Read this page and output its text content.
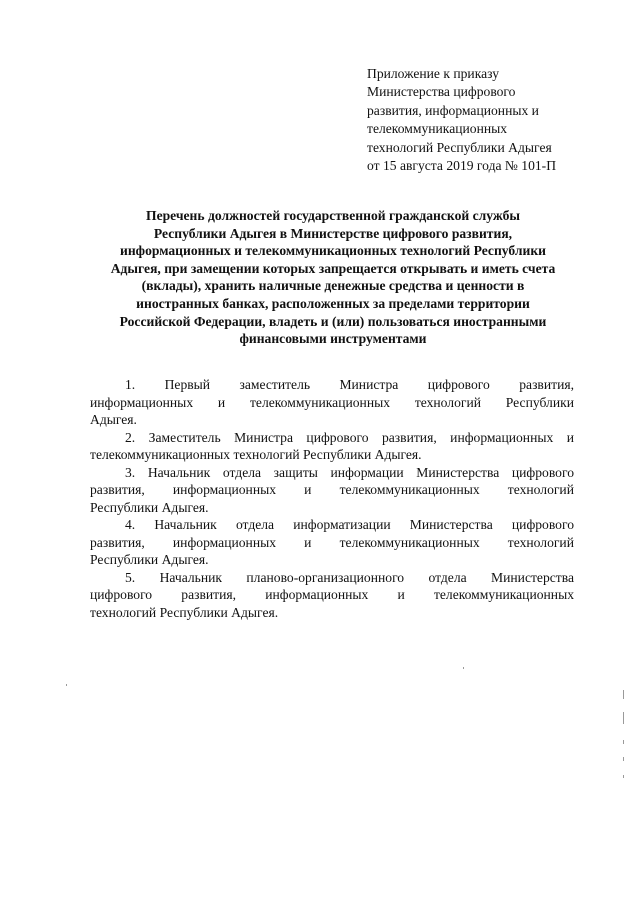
Приложение к приказу
Министерства цифрового
развития, информационных и
телекоммуникационных
технологий Республики Адыгея
от 15 августа 2019 года № 101-П
Перечень должностей государственной гражданской службы
Республики Адыгея в Министерстве цифрового развития,
информационных и телекоммуникационных технологий Республики
Адыгея, при замещении которых запрещается открывать и иметь счета
(вклады), хранить наличные денежные средства и ценности в
иностранных банках, расположенных за пределами территории
Российской Федерации, владеть и (или) пользоваться иностранными
финансовыми инструментами
1. Первый заместитель Министра цифрового развития,
информационных и телекоммуникационных технологий Республики
Адыгея.
2. Заместитель Министра цифрового развития, информационных и
телекоммуникационных технологий Республики Адыгея.
3. Начальник отдела защиты информации Министерства цифрового
развития, информационных и телекоммуникационных технологий
Республики Адыгея.
4. Начальник отдела информатизации Министерства цифрового
развития, информационных и телекоммуникационных технологий
Республики Адыгея.
5. Начальник планово-организационного отдела Министерства
цифрового развития, информационных и телекоммуникационных
технологий Республики Адыгея.
